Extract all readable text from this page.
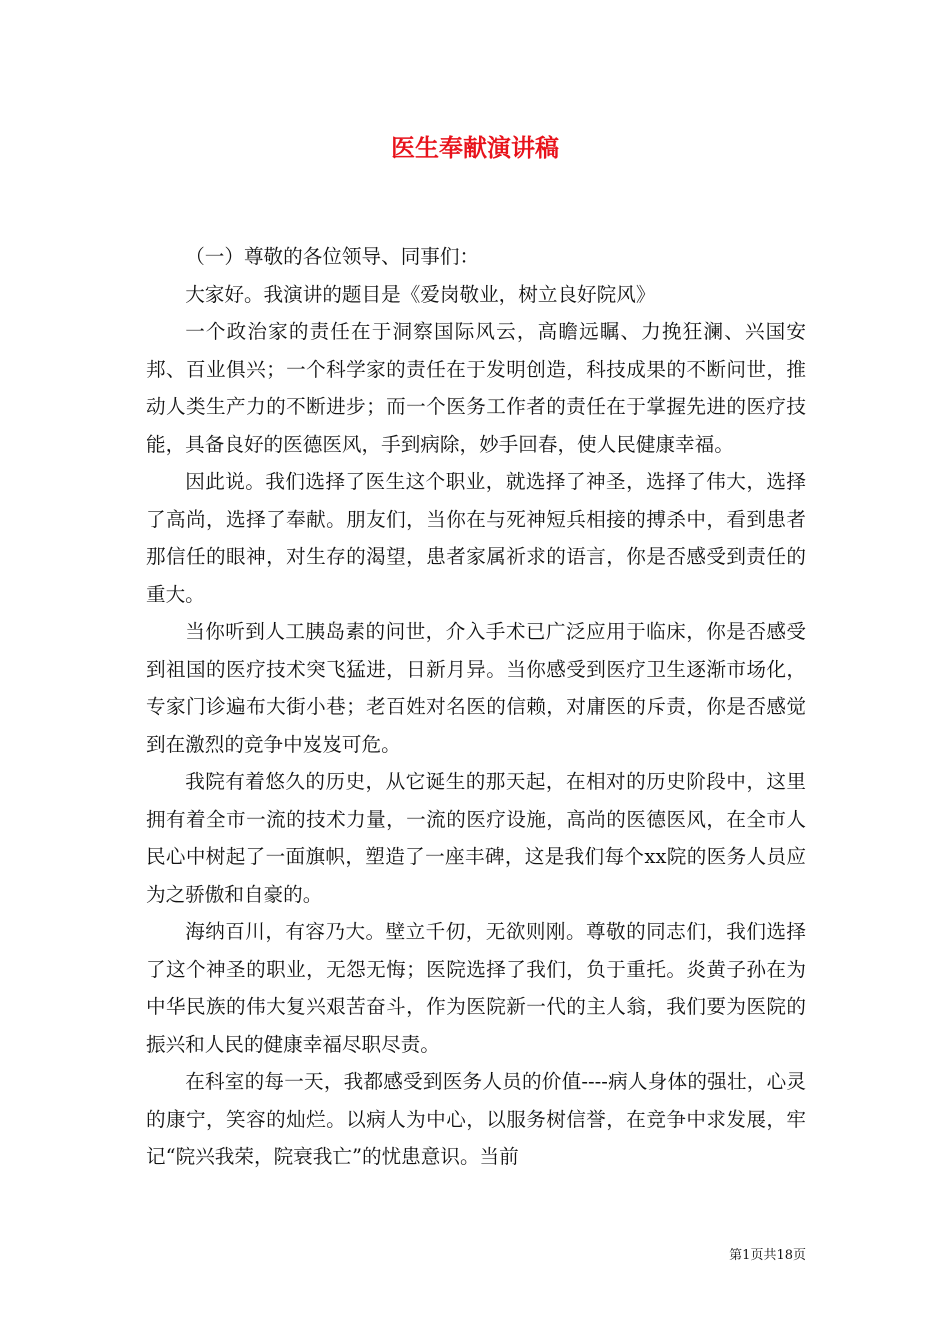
医生奉献演讲稿

（一）尊敬的各位领导、同事们：

大家好。我演讲的题目是《爱岗敬业，树立良好院风》

一个政治家的责任在于洞察国际风云，高瞻远瞩、力挽狂澜、兴国安邦、百业俱兴；一个科学家的责任在于发明创造，科技成果的不断问世，推动人类生产力的不断进步；而一个医务工作者的责任在于掌握先进的医疗技能，具备良好的医德医风，手到病除，妙手回春，使人民健康幸福。

因此说。我们选择了医生这个职业，就选择了神圣，选择了伟大，选择了高尚，选择了奉献。朋友们，当你在与死神短兵相接的搏杀中，看到患者那信任的眼神，对生存的渴望，患者家属祈求的语言，你是否感受到责任的重大。

当你听到人工胰岛素的问世，介入手术已广泛应用于临床，你是否感受到祖国的医疗技术突飞猛进，日新月异。当你感受到医疗卫生逐渐市场化，专家门诊遍布大街小巷；老百姓对名医的信赖，对庸医的斥责，你是否感觉到在激烈的竞争中岌岌可危。

我院有着悠久的历史，从它诞生的那天起，在相对的历史阶段中，这里拥有着全市一流的技术力量，一流的医疗设施，高尚的医德医风，在全市人民心中树起了一面旗帜，塑造了一座丰碑，这是我们每个xx院的医务人员应为之骄傲和自豪的。

海纳百川，有容乃大。壁立千仞，无欲则刚。尊敬的同志们，我们选择了这个神圣的职业，无怨无悔；医院选择了我们，负于重托。炎黄子孙在为中华民族的伟大复兴艰苦奋斗，作为医院新一代的主人翁，我们要为医院的振兴和人民的健康幸福尽职尽责。

在科室的每一天，我都感受到医务人员的价值----病人身体的强壮，心灵的康宁，笑容的灿烂。以病人为中心，以服务树信誉，在竞争中求发展，牢记“院兴我荣，院衰我亡”的忧患意识。当前

第1页共18页
